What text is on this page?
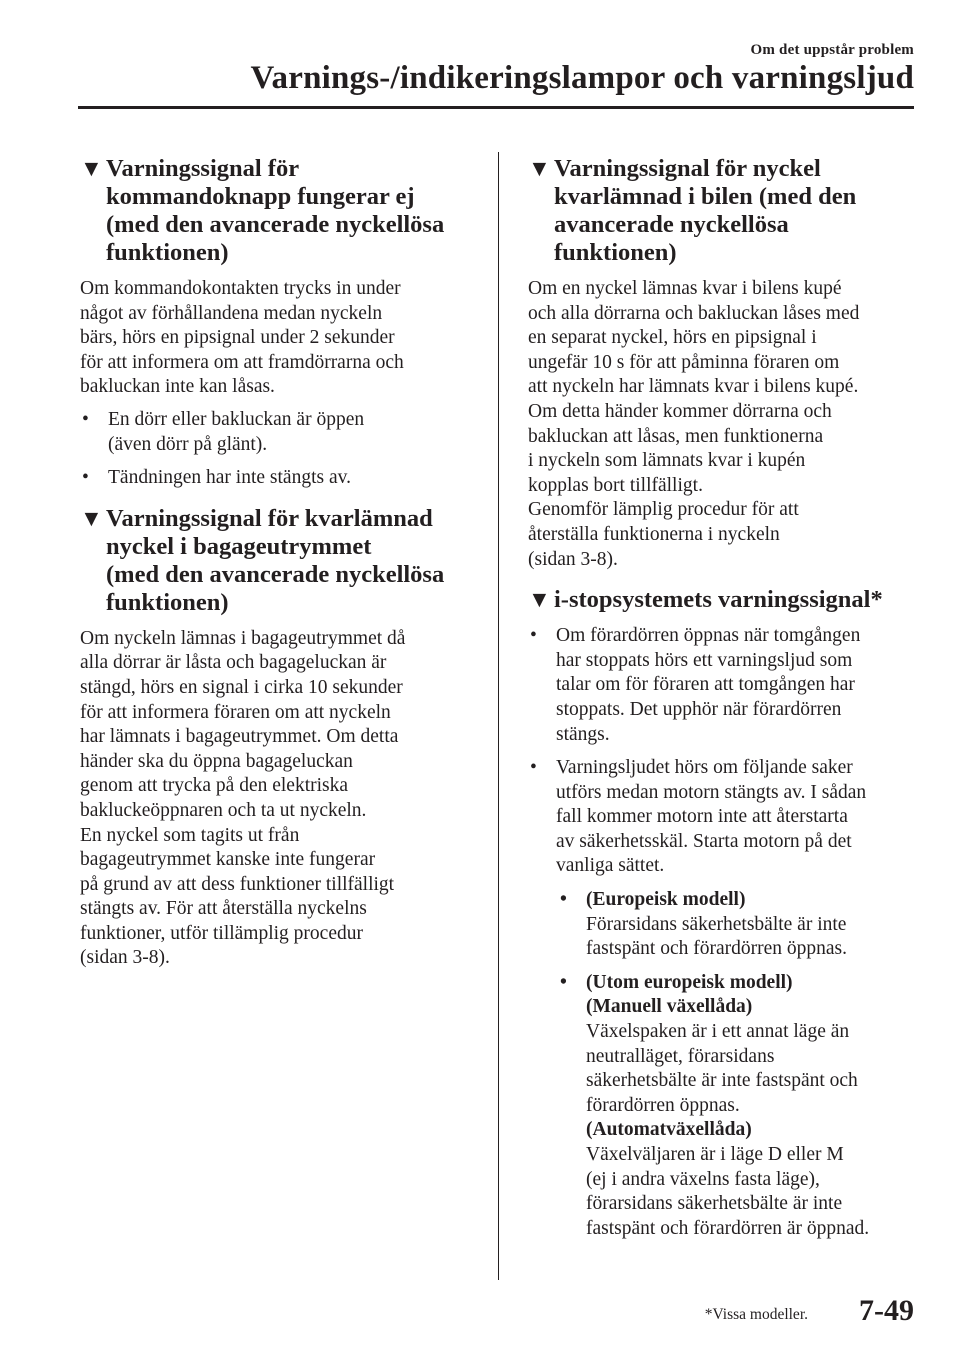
Om det uppstår problem
Varnings-/indikeringslampor och varningsljud
▼ Varningssignal för
kommandoknapp fungerar ej
(med den avancerade nyckellösa
funktionen)
Om kommandokontakten trycks in under
något av förhållandena medan nyckeln
bärs, hörs en pipsignal under 2 sekunder
för att informera om att framdörrarna och
bakluckan inte kan låsas.
• En dörr eller bakluckan är öppen
(även dörr på glänt).
• Tändningen har inte stängts av.
▼ Varningssignal för kvarlämnad
nyckel i bagageutrymmet
(med den avancerade nyckellösa
funktionen)
Om nyckeln lämnas i bagageutrymmet då
alla dörrar är låsta och bagageluckan är
stängd, hörs en signal i cirka 10 sekunder
för att informera föraren om att nyckeln
har lämnats i bagageutrymmet. Om detta
händer ska du öppna bagageluckan
genom att trycka på den elektriska
bakluckeöppnaren och ta ut nyckeln.
En nyckel som tagits ut från
bagageutrymmet kanske inte fungerar
på grund av att dess funktioner tillfälligt
stängts av. För att återställa nyckelns
funktioner, utför tillämplig procedur
(sidan 3-8).
▼ Varningssignal för nyckel
kvarlämnad i bilen (med den
avancerade nyckellösa
funktionen)
Om en nyckel lämnas kvar i bilens kupé
och alla dörrarna och bakluckan låses med
en separat nyckel, hörs en pipsignal i
ungefär 10 s för att påminna föraren om
att nyckeln har lämnats kvar i bilens kupé.
Om detta händer kommer dörrarna och
bakluckan att låsas, men funktionerna
i nyckeln som lämnats kvar i kupén
kopplas bort tillfälligt.
Genomför lämplig procedur för att
återställa funktionerna i nyckeln
(sidan 3-8).
▼ i-stopsystemets varningssignal*
• Om förardörren öppnas när tomgången
har stoppats hörs ett varningsljud som
talar om för föraren att tomgången har
stoppats. Det upphör när förardörren
stängs.
• Varningsljudet hörs om följande saker
utförs medan motorn stängts av. I sådan
fall kommer motorn inte att återstarta
av säkerhetsskäl. Starta motorn på det
vanliga sättet.
• (Europeisk modell)
Förarsidans säkerhetsbälte är inte
fastspänt och förardörren öppnas.
• (Utom europeisk modell)
(Manuell växellåda)
Växelspaken är i ett annat läge än
neutralläget, förarsidans
säkerhetsbälte är inte fastspänt och
förardörren öppnas.
(Automatväxellåda)
Växelväljaren är i läge D eller M
(ej i andra växelns fasta läge),
förarsidans säkerhetsbälte är inte
fastspänt och förardörren är öppnad.
*Vissa modeller. 7-49
